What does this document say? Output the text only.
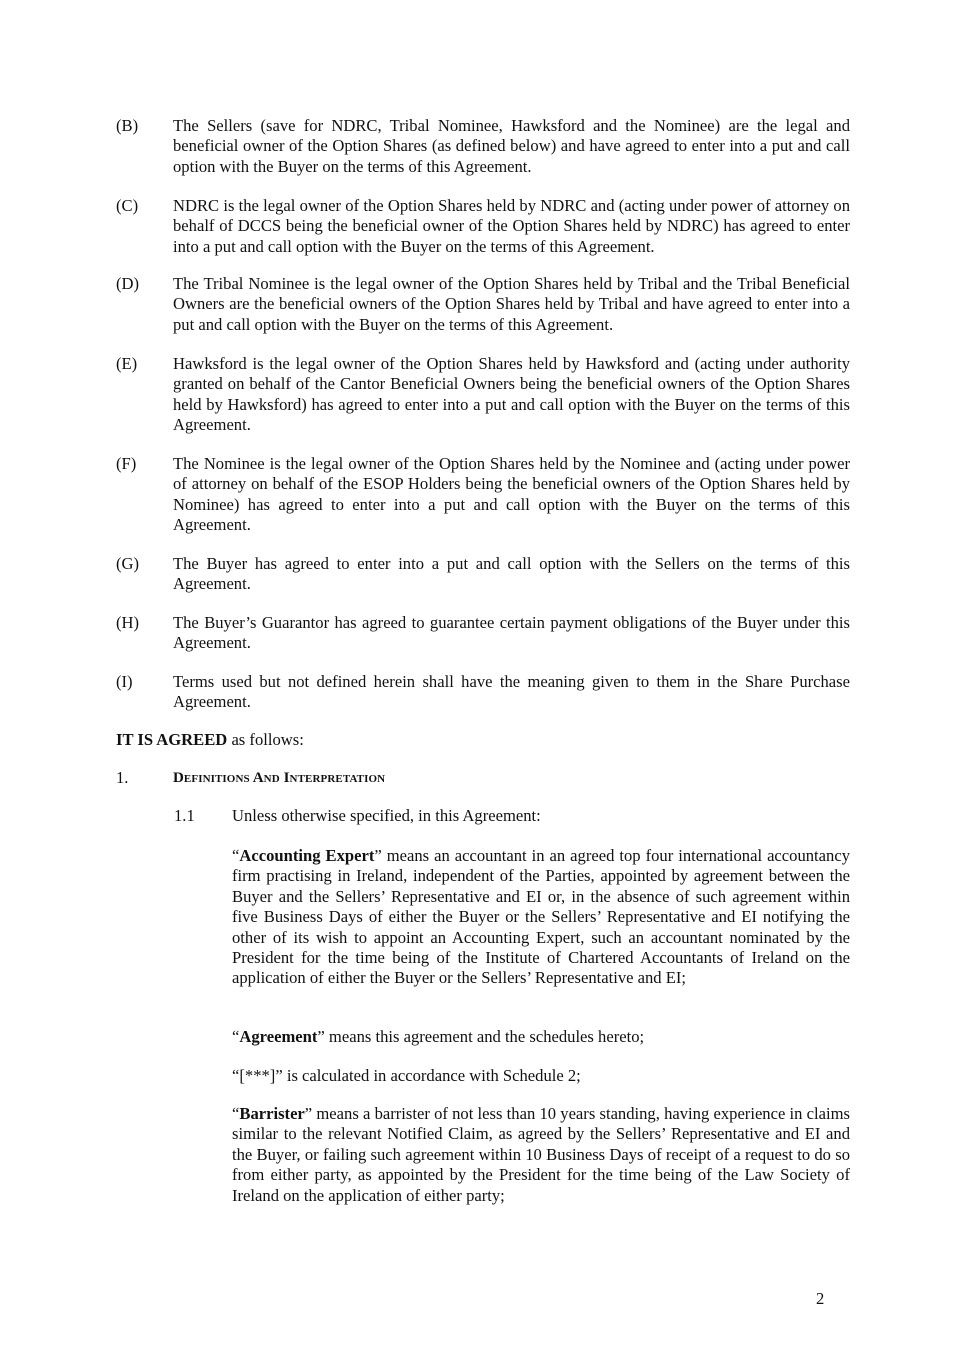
(B) The Sellers (save for NDRC, Tribal Nominee, Hawksford and the Nominee) are the legal and beneficial owner of the Option Shares (as defined below) and have agreed to enter into a put and call option with the Buyer on the terms of this Agreement.
(C) NDRC is the legal owner of the Option Shares held by NDRC and (acting under power of attorney on behalf of DCCS being the beneficial owner of the Option Shares held by NDRC) has agreed to enter into a put and call option with the Buyer on the terms of this Agreement.
(D) The Tribal Nominee is the legal owner of the Option Shares held by Tribal and the Tribal Beneficial Owners are the beneficial owners of the Option Shares held by Tribal and have agreed to enter into a put and call option with the Buyer on the terms of this Agreement.
(E) Hawksford is the legal owner of the Option Shares held by Hawksford and (acting under authority granted on behalf of the Cantor Beneficial Owners being the beneficial owners of the Option Shares held by Hawksford) has agreed to enter into a put and call option with the Buyer on the terms of this Agreement.
(F) The Nominee is the legal owner of the Option Shares held by the Nominee and (acting under power of attorney on behalf of the ESOP Holders being the beneficial owners of the Option Shares held by Nominee) has agreed to enter into a put and call option with the Buyer on the terms of this Agreement.
(G) The Buyer has agreed to enter into a put and call option with the Sellers on the terms of this Agreement.
(H) The Buyer’s Guarantor has agreed to guarantee certain payment obligations of the Buyer under this Agreement.
(I) Terms used but not defined herein shall have the meaning given to them in the Share Purchase Agreement.
IT IS AGREED as follows:
1.	Definitions And Interpretation
1.1 Unless otherwise specified, in this Agreement:
“Accounting Expert” means an accountant in an agreed top four international accountancy firm practising in Ireland, independent of the Parties, appointed by agreement between the Buyer and the Sellers’ Representative and EI or, in the absence of such agreement within five Business Days of either the Buyer or the Sellers’ Representative and EI notifying the other of its wish to appoint an Accounting Expert, such an accountant nominated by the President for the time being of the Institute of Chartered Accountants of Ireland on the application of either the Buyer or the Sellers’ Representative and EI;
“Agreement” means this agreement and the schedules hereto;
“[***]” is calculated in accordance with Schedule 2;
“Barrister” means a barrister of not less than 10 years standing, having experience in claims similar to the relevant Notified Claim, as agreed by the Sellers’ Representative and EI and the Buyer, or failing such agreement within 10 Business Days of receipt of a request to do so from either party, as appointed by the President for the time being of the Law Society of Ireland on the application of either party;
2
